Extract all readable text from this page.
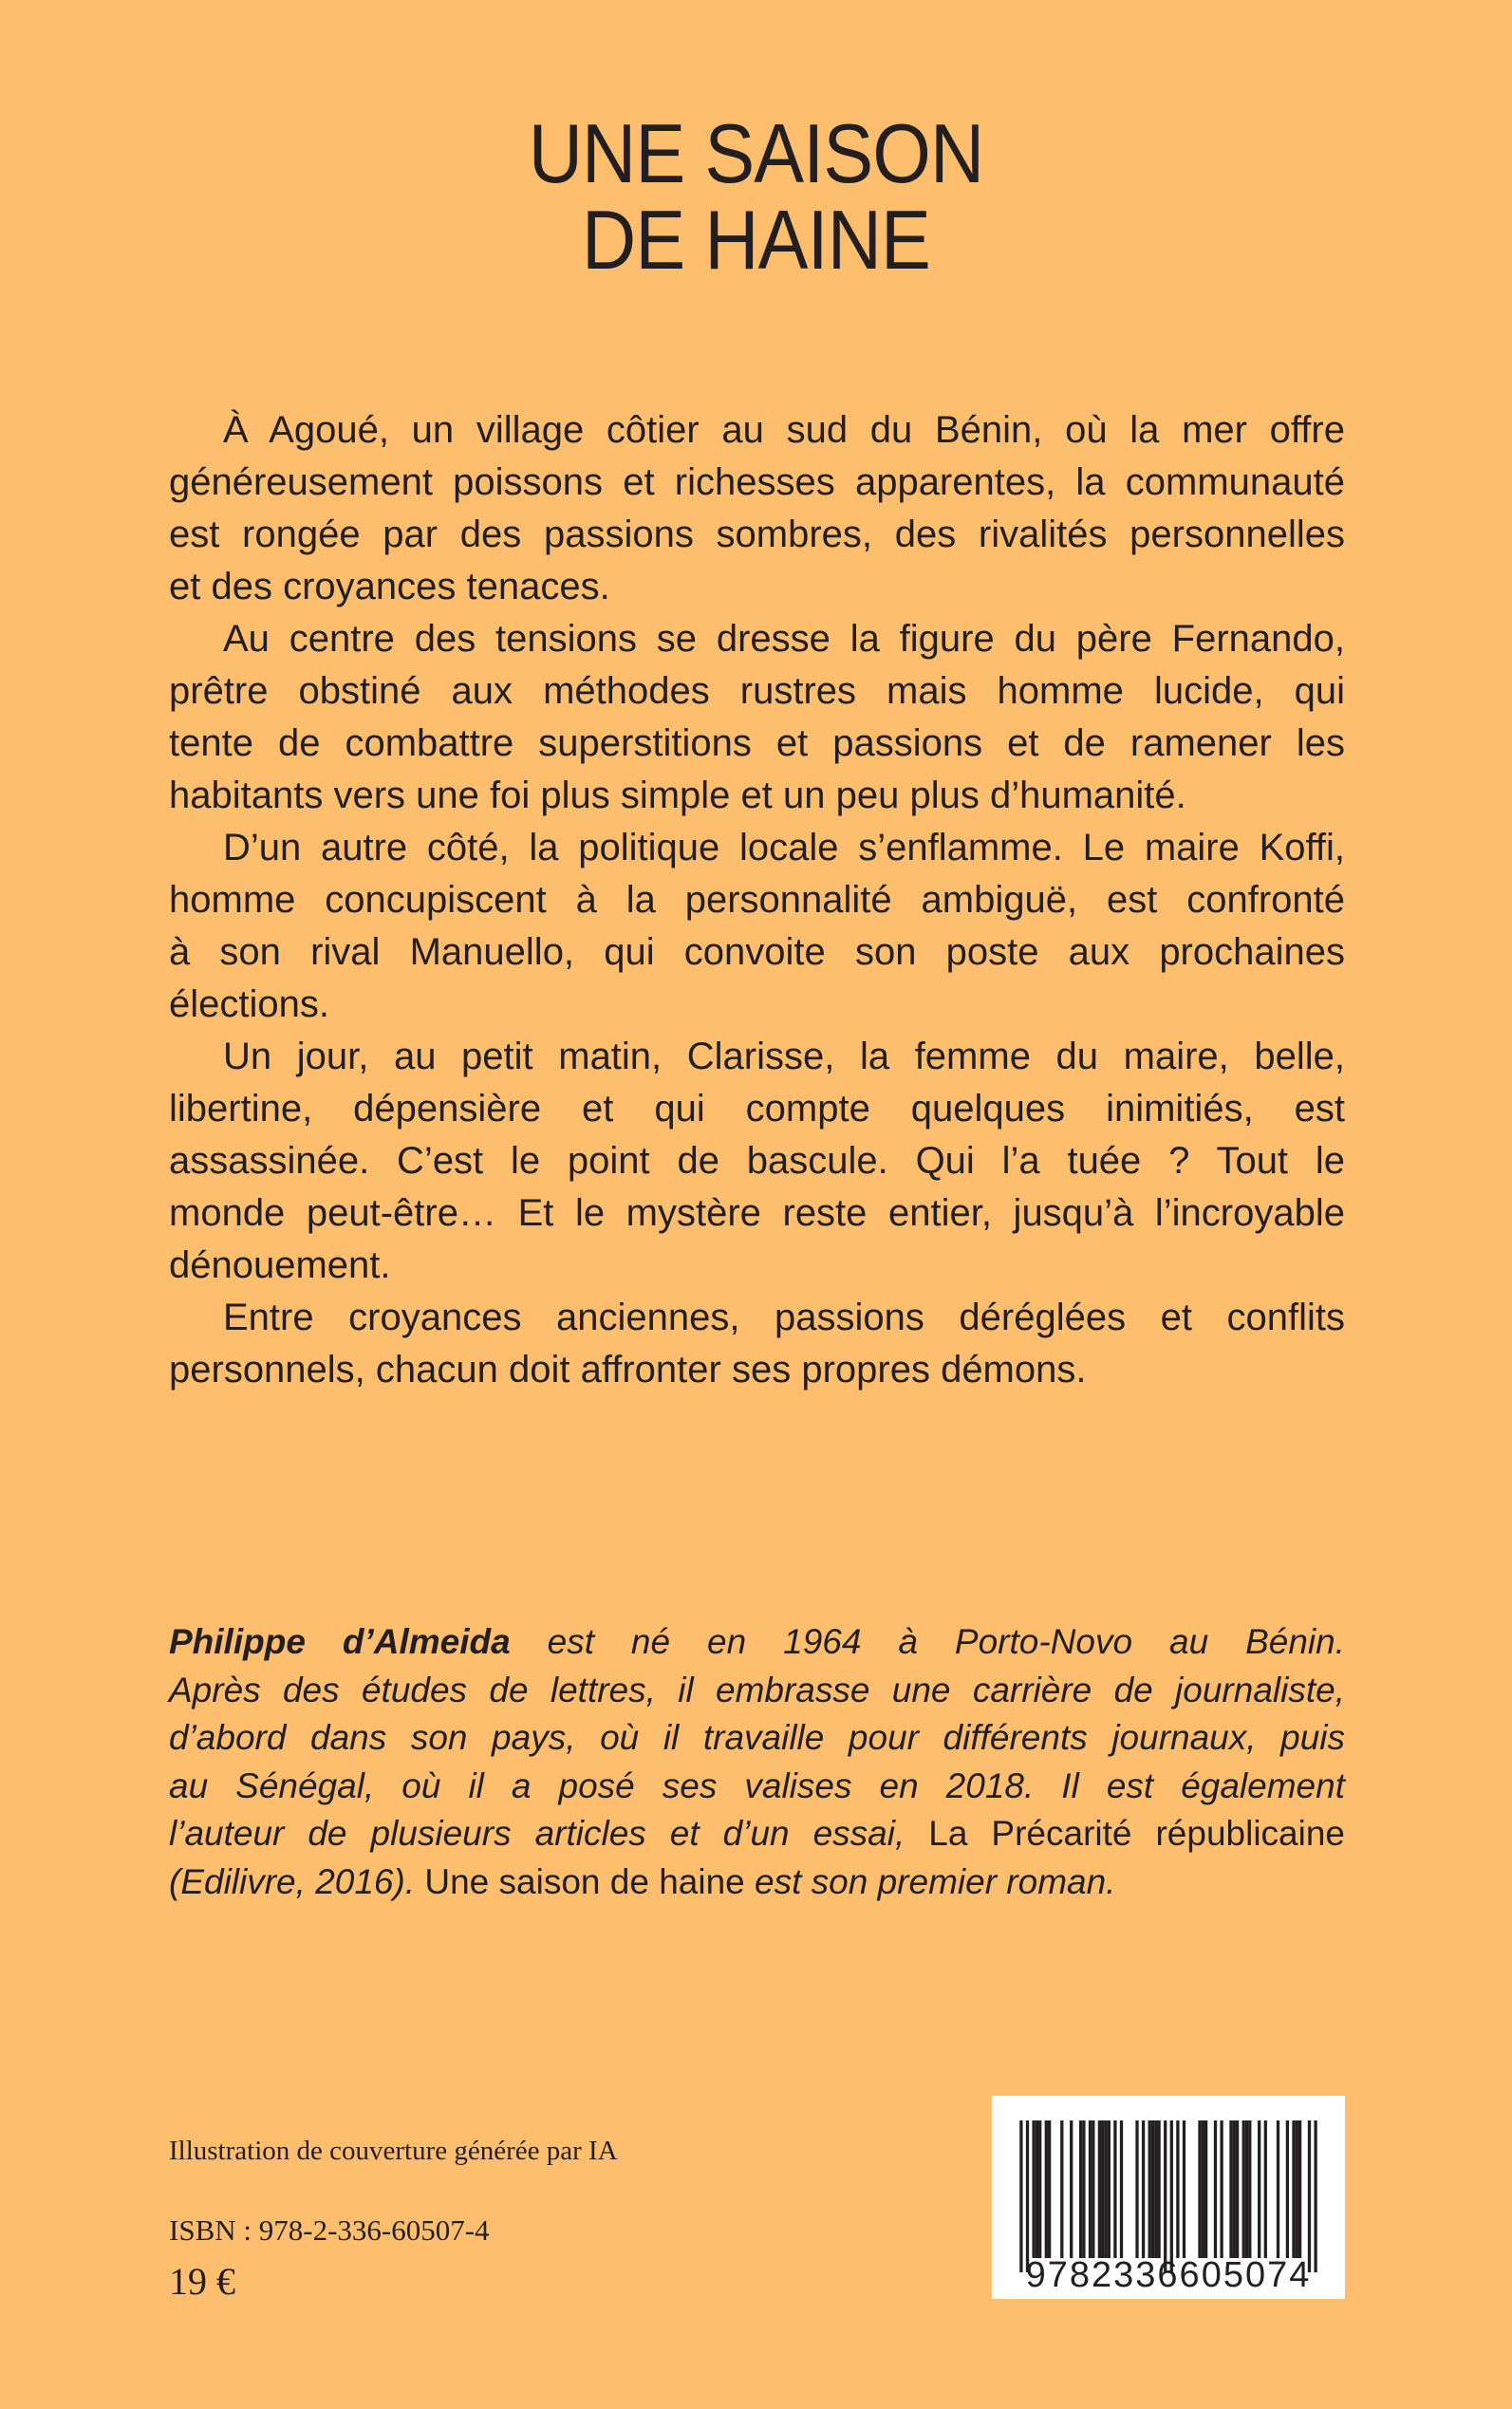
UNE SAISON
DE HAINE
À Agoué, un village côtier au sud du Bénin, où la mer offre
généreusement poissons et richesses apparentes, la communauté
est rongée par des passions sombres, des rivalités personnelles
et des croyances tenaces.
Au centre des tensions se dresse la figure du père Fernando,
prêtre obstiné aux méthodes rustres mais homme lucide, qui
tente de combattre superstitions et passions et de ramener les
habitants vers une foi plus simple et un peu plus d’humanité.
D’un autre côté, la politique locale s’enflamme. Le maire Koffi,
homme concupiscent à la personnalité ambiguë, est confronté
à son rival Manuello, qui convoite son poste aux prochaines
élections.
Un jour, au petit matin, Clarisse, la femme du maire, belle,
libertine, dépensière et qui compte quelques inimitiés, est
assassinée. C’est le point de bascule. Qui l’a tuée ? Tout le
monde peut-être… Et le mystère reste entier, jusqu’à l’incroyable
dénouement.
Entre croyances anciennes, passions déréglées et conflits
personnels, chacun doit affronter ses propres démons.
Philippe d’Almeida est né en 1964 à Porto-Novo au Bénin.
Après des études de lettres, il embrasse une carrière de journaliste,
d’abord dans son pays, où il travaille pour différents journaux, puis
au Sénégal, où il a posé ses valises en 2018. Il est également
l’auteur de plusieurs articles et d’un essai, La Précarité républicaine
(Edilivre, 2016). Une saison de haine est son premier roman.
Illustration de couverture générée par IA
ISBN : 978-2-336-60507-4
19 €	9782336605074
